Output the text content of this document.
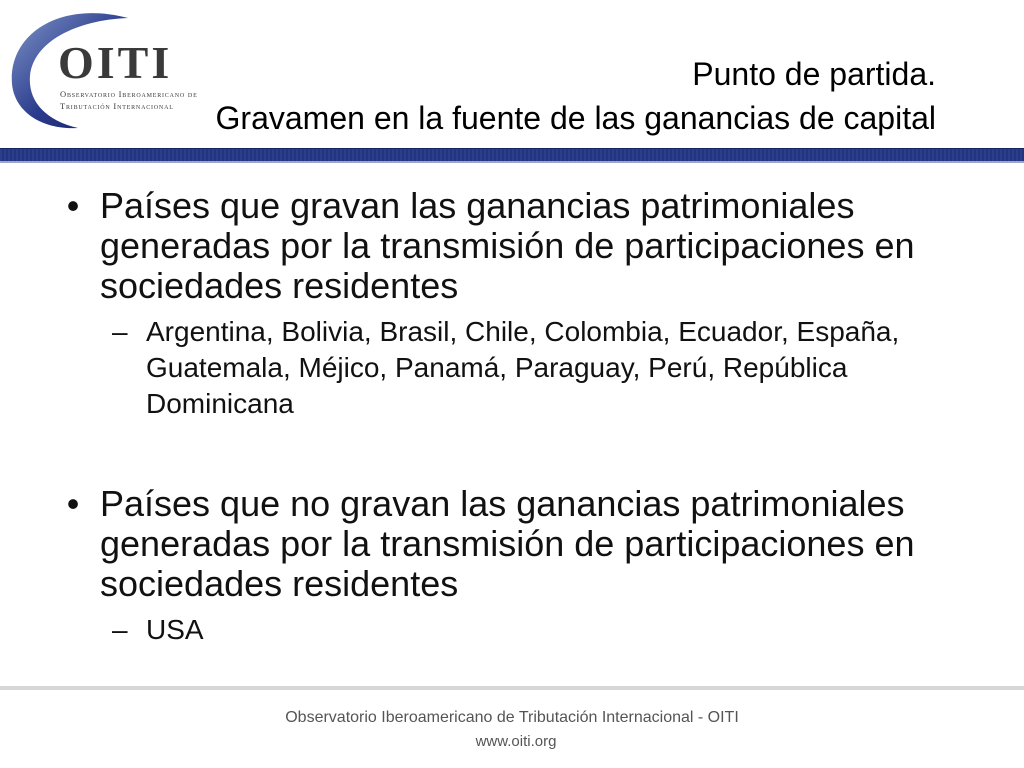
OITI

Observatorio Iberoamericano de

Tributación Internacional

Punto de partida.
Gravamen en la fuente de las ganancias de capital

• Países que gravan las ganancias patrimoniales generadas por la transmisión de participaciones en sociedades residentes

– Argentina, Bolivia, Brasil, Chile, Colombia, Ecuador, España, Guatemala, Méjico, Panamá, Paraguay, Perú, República Dominicana

• Países que no gravan las ganancias patrimoniales generadas por la transmisión de participaciones en sociedades residentes

– USA

Observatorio Iberoamericano de Tributación Internacional - OITI
www.oiti.org
